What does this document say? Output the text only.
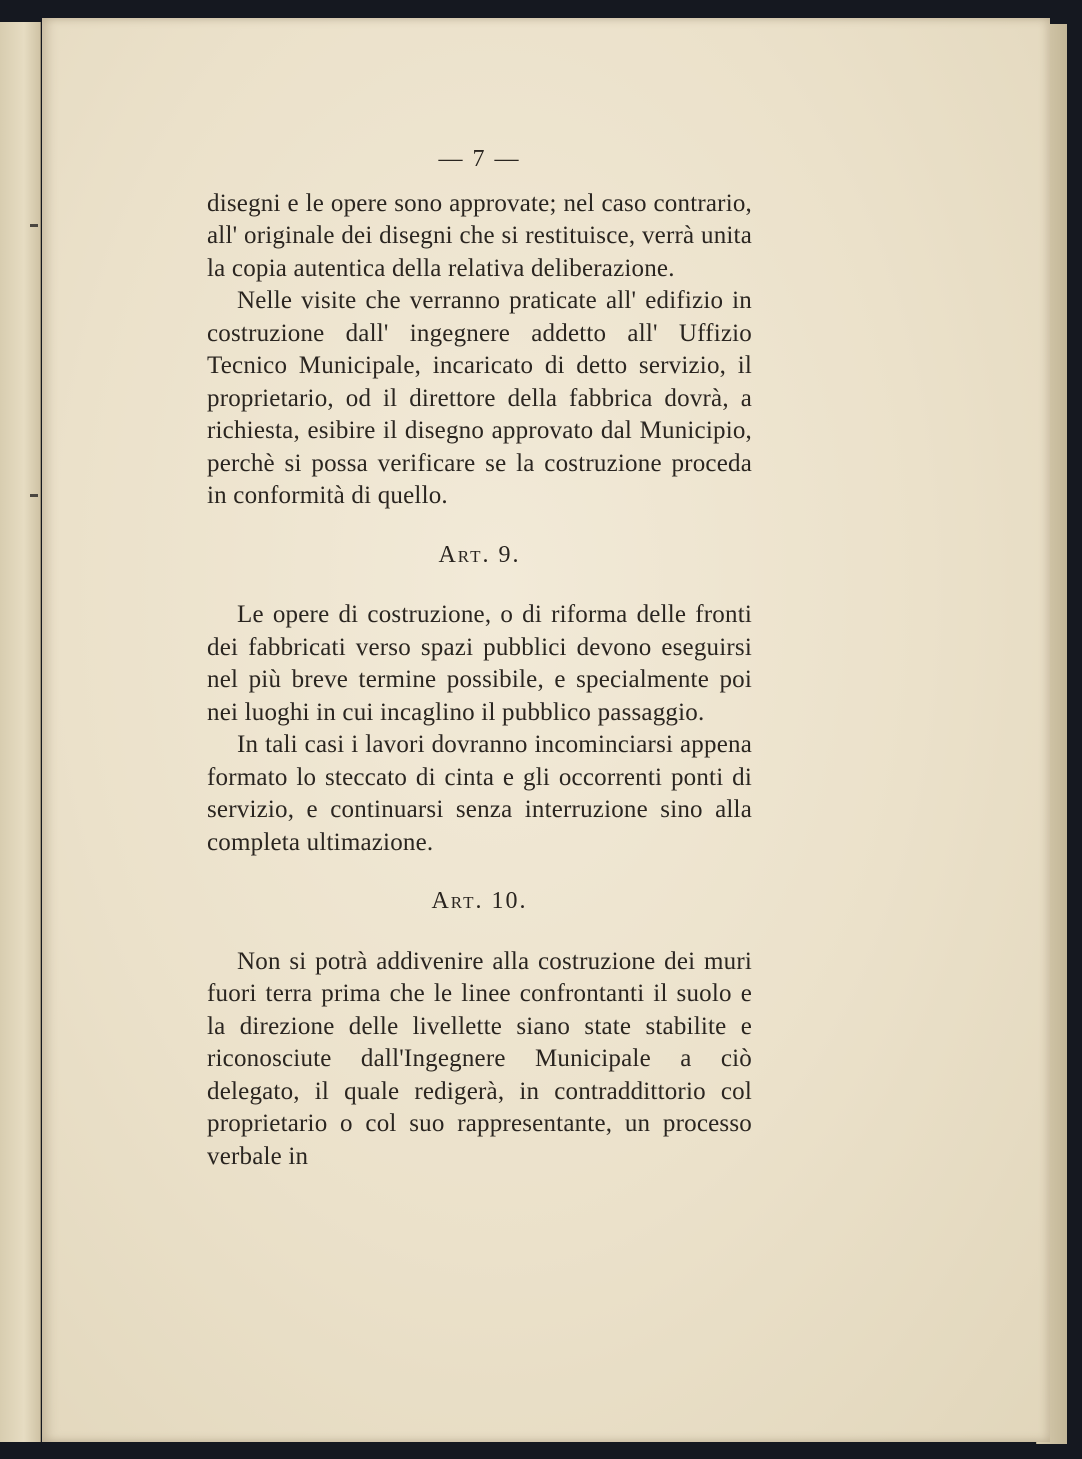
— 7 —

disegni e le opere sono approvate; nel caso contrario, all' originale dei disegni che si restituisce, verrà unita la copia autentica della relativa deliberazione.

Nelle visite che verranno praticate all' edifizio in costruzione dall' ingegnere addetto all' Uffizio Tecnico Municipale, incaricato di detto servizio, il proprietario, od il direttore della fabbrica dovrà, a richiesta, esibire il disegno approvato dal Municipio, perchè si possa verificare se la costruzione proceda in conformità di quello.

Art. 9.

Le opere di costruzione, o di riforma delle fronti dei fabbricati verso spazi pubblici devono eseguirsi nel più breve termine possibile, e specialmente poi nei luoghi in cui incaglino il pubblico passaggio.

In tali casi i lavori dovranno incominciarsi appena formato lo steccato di cinta e gli occorrenti ponti di servizio, e continuarsi senza interruzione sino alla completa ultimazione.

Art. 10.

Non si potrà addivenire alla costruzione dei muri fuori terra prima che le linee confrontanti il suolo e la direzione delle livellette siano state stabilite e riconosciute dall'Ingegnere Municipale a ciò delegato, il quale redigerà, in contraddittorio col proprietario o col suo rappresentante, un processo verbale in
